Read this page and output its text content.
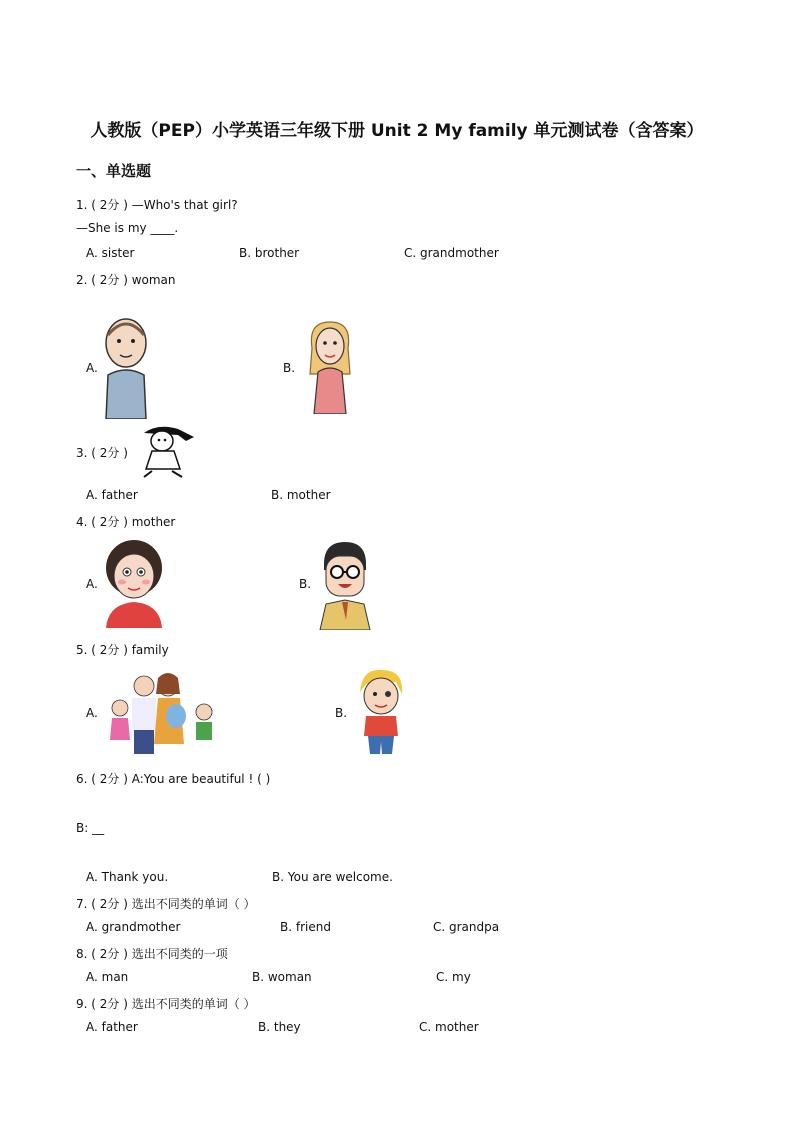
人教版（PEP）小学英语三年级下册 Unit 2 My family 单元测试卷（含答案）
一、单选题
1. ( 2分 ) —Who's that girl?
—She is my ____.
A. sister	B. brother	C. grandmother
2. ( 2分 ) woman
A.	B.
3. ( 2分 )
A. father	B. mother
4. ( 2分 ) mother
A.	B.
5. ( 2分 ) family
A.	B.
6. ( 2分 ) A:You are beautiful ! ( )
B: __
A. Thank you.	B. You are welcome.
7. ( 2分 ) 选出不同类的单词（ ）
A. grandmother	B. friend	C. grandpa
8. ( 2分 ) 选出不同类的一项
A. man	B. woman	C. my
9. ( 2分 ) 选出不同类的单词（ ）
A. father	B. they	C. mother
